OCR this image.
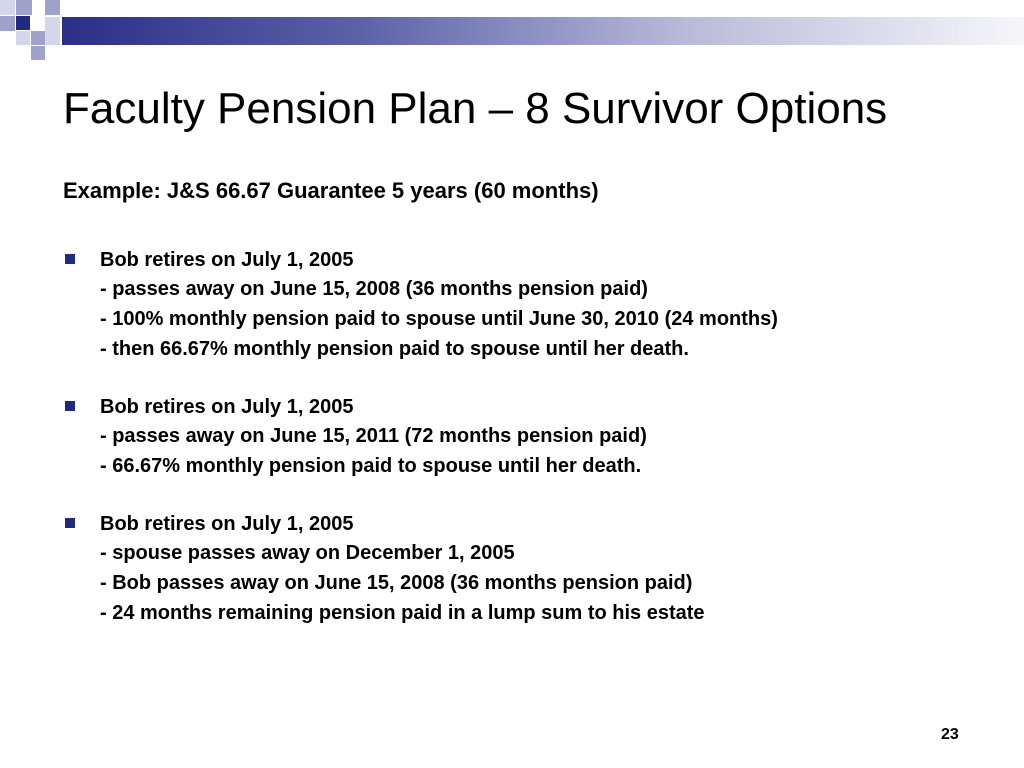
Faculty Pension Plan – 8 Survivor Options
Example: J&S 66.67 Guarantee 5 years (60 months)
Bob retires on July 1, 2005
- passes away on June 15, 2008 (36 months pension paid)
- 100% monthly pension paid to spouse until June 30, 2010 (24 months)
- then 66.67% monthly pension paid to spouse until her death.
Bob retires on July 1, 2005
- passes away on June 15, 2011 (72 months pension paid)
- 66.67% monthly pension paid to spouse until her death.
Bob retires on July 1, 2005
- spouse passes away on December 1, 2005
- Bob passes away on June 15, 2008 (36 months pension paid)
- 24 months remaining pension paid in a lump sum to his estate
23
